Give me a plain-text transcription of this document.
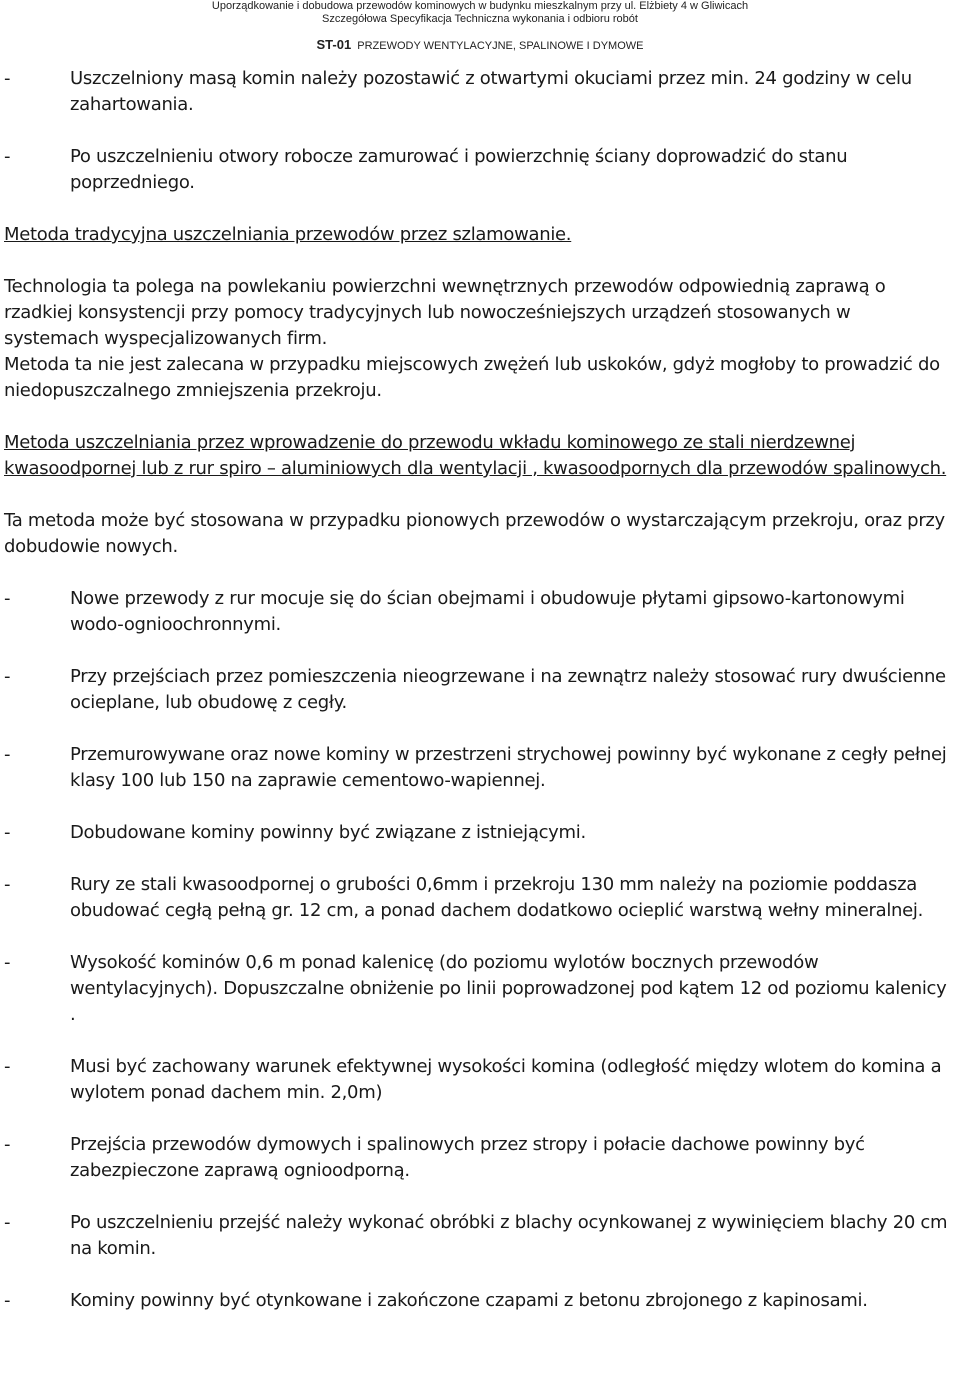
Uporządkowanie i dobudowa przewodów kominowych w budynku mieszkalnym przy ul. Elżbiety 4 w Gliwicach
Szczegółowa Specyfikacja Techniczna wykonania i odbioru robót
ST-01 PRZEWODY WENTYLACYJNE, SPALINOWE I DYMOWE
-	Uszczelniony masą komin należy pozostawić z otwartymi okuciami przez min. 24 godziny w celu zahartowania.
-	Po uszczelnieniu otwory robocze zamurować i powierzchnię ściany doprowadzić do stanu poprzedniego.
Metoda tradycyjna uszczelniania przewodów przez szlamowanie.
Technologia ta polega na powlekaniu powierzchni wewnętrznych przewodów odpowiednią zaprawą o rzadkiej konsystencji przy pomocy tradycyjnych lub nowocześniejszych urządzeń stosowanych w systemach wyspecjalizowanych firm.
Metoda ta nie jest zalecana w przypadku miejscowych zwężeń lub uskoków, gdyż mogłoby to prowadzić do niedopuszczalnego zmniejszenia przekroju.
Metoda uszczelniania przez wprowadzenie do przewodu wkładu kominowego ze stali nierdzewnej kwasoodpornej lub z rur spiro – aluminiowych dla wentylacji , kwasoodpornych dla przewodów spalinowych.
Ta metoda może być stosowana w przypadku pionowych przewodów o wystarczającym przekroju, oraz przy dobudowie nowych.
-	Nowe przewody z rur mocuje się do ścian obejmami i obudowuje płytami gipsowo-kartonowymi wodo-ognioochronnymi.
-	Przy przejściach przez pomieszczenia nieogrzewane i na zewnątrz należy stosować rury dwuścienne ocieplane, lub obudowę z cegły.
-	Przemurowywane oraz nowe kominy w przestrzeni strychowej powinny być wykonane z cegły pełnej klasy 100 lub 150 na zaprawie cementowo-wapiennej.
-	Dobudowane kominy powinny być związane z istniejącymi.
-	Rury ze stali kwasoodpornej o grubości 0,6mm i przekroju 130 mm należy na poziomie poddasza obudować cegłą pełną gr. 12 cm, a ponad dachem dodatkowo ocieplić warstwą wełny mineralnej.
-	Wysokość kominów 0,6 m ponad kalenicę (do poziomu wylotów bocznych przewodów wentylacyjnych). Dopuszczalne obniżenie po linii poprowadzonej pod kątem 12 od poziomu kalenicy .
-	Musi być zachowany warunek efektywnej wysokości komina (odległość między wlotem do komina a wylotem ponad dachem min. 2,0m)
-	Przejścia przewodów dymowych i spalinowych przez stropy i połacie dachowe powinny być zabezpieczone zaprawą ognioodporną.
-	Po uszczelnieniu przejść należy wykonać obróbki z blachy ocynkowanej z wywinięciem blachy 20 cm na komin.
-	Kominy powinny być otynkowane i zakończone czapami z betonu zbrojonego z kapinosami.
